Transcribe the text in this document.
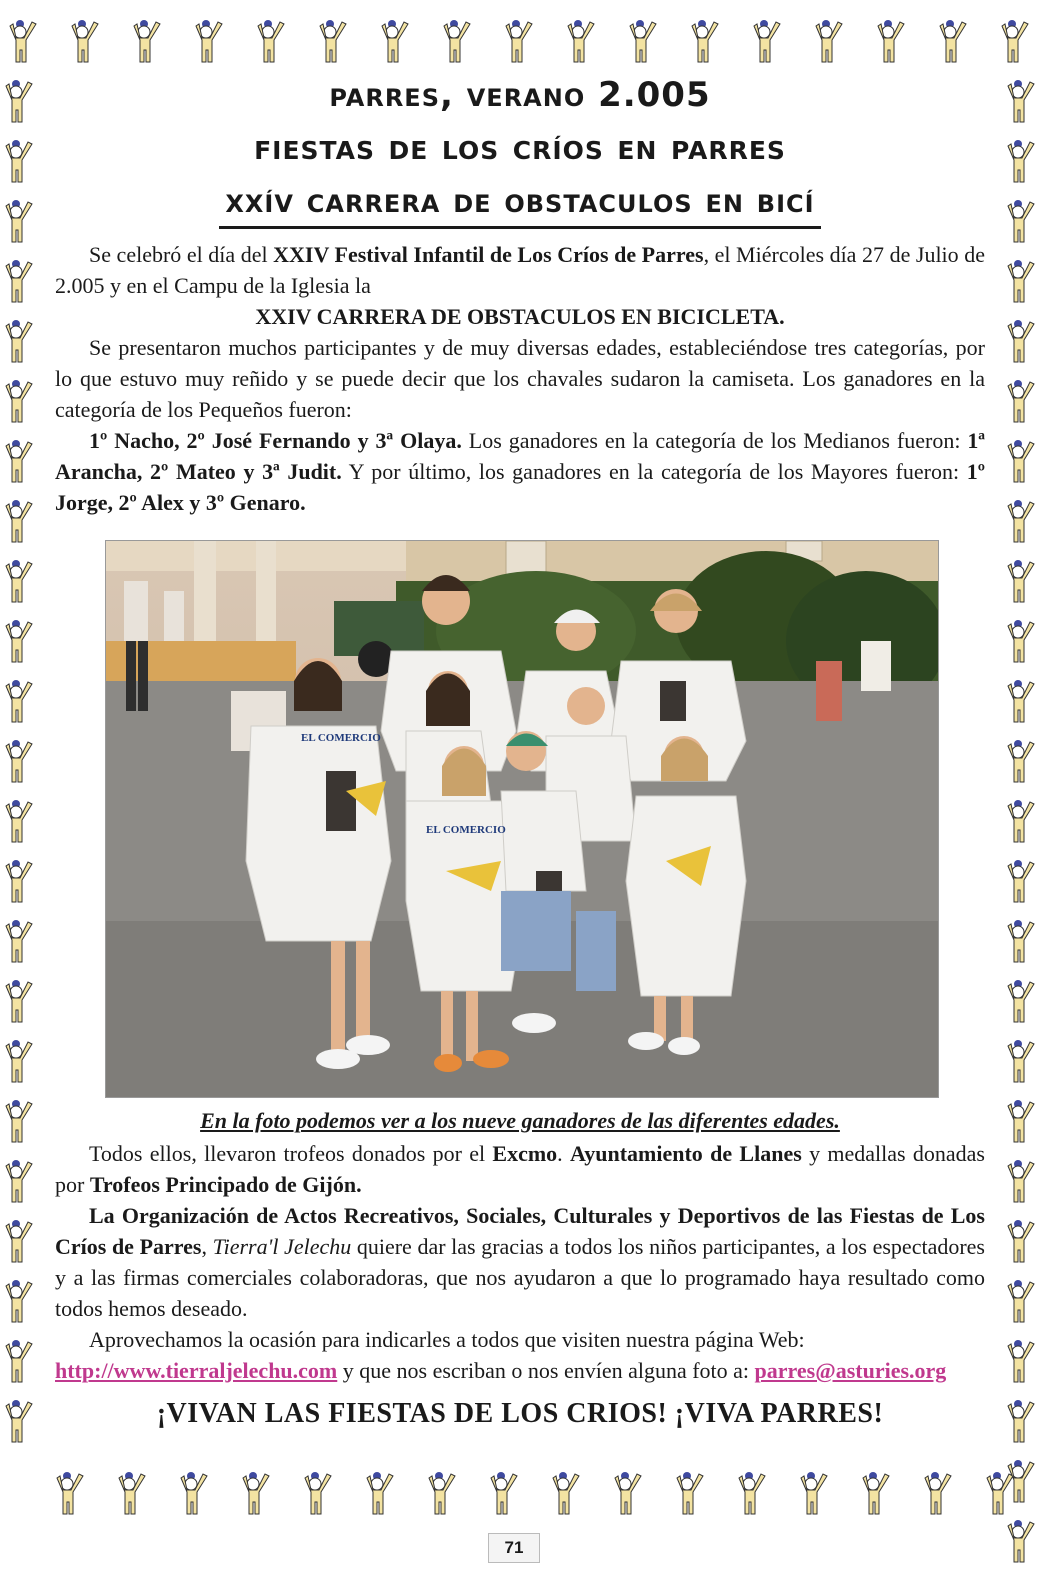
parres, verano 2.005
fiestas de los críos en parres
xxív carrera de obstaculos en bicí

Se celebró el día del XXIV Festival Infantil de Los Críos de Parres, el Miércoles día 27 de Julio de 2.005 y en el Campu de la Iglesia la

XXIV CARRERA DE OBSTACULOS EN BICICLETA.

Se presentaron muchos participantes y de muy diversas edades, estableciéndose tres categorías, por lo que estuvo muy reñido y se puede decir que los chavales sudaron la camiseta. Los ganadores en la categoría de los Pequeños fueron:

1º Nacho, 2º José Fernando y 3ª Olaya. Los ganadores en la categoría de los Medianos fueron: 1ª Arancha, 2º Mateo y 3ª Judit. Y por último, los ganadores en la categoría de los Mayores fueron: 1º Jorge, 2º Alex y 3º Genaro.

EL COMERCIO
EL COMERCIO
En la foto podemos ver a los nueve ganadores de las diferentes edades.

Todos ellos, llevaron trofeos donados por el Excmo. Ayuntamiento de Llanes y medallas donadas por Trofeos Principado de Gijón.

La Organización de Actos Recreativos, Sociales, Culturales y Deportivos de las Fiestas de Los Críos de Parres, Tierra'l Jelechu quiere dar las gracias a todos los niños participantes, a los espectadores y a las firmas comerciales colaboradoras, que nos ayudaron a que lo programado haya resultado como todos hemos deseado.

Aprovechamos la ocasión para indicarles a todos que visiten nuestra página Web: http://www.tierraljelechu.com y que nos escriban o nos envíen alguna foto a: parres@asturies.org

¡VIVAN LAS FIESTAS DE LOS CRIOS! ¡VIVA PARRES!
71
